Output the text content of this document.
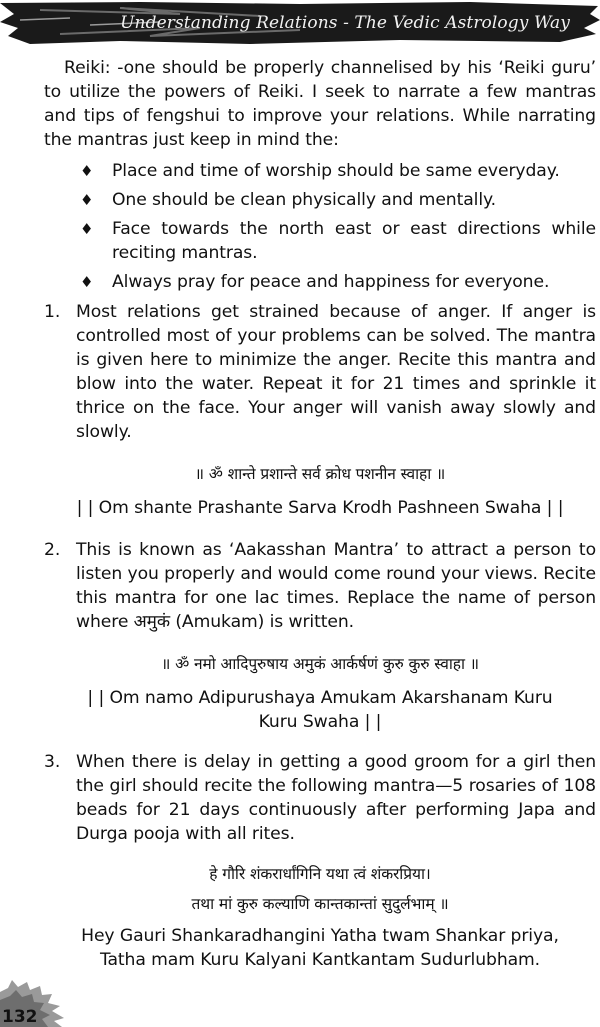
Understanding Relations - The Vedic Astrology Way

Reiki: -one should be properly channelised by his ‘Reiki guru’ to utilize the powers of Reiki. I seek to narrate a few mantras and tips of fengshui to improve your relations. While narrating the mantras just keep in mind the:

♦ Place and time of worship should be same everyday.
♦ One should be clean physically and mentally.
♦ Face towards the north east or east directions while reciting mantras.
♦ Always pray for peace and happiness for everyone.
1. Most relations get strained because of anger. If anger is controlled most of your problems can be solved. The mantra is given here to minimize the anger. Recite this mantra and blow into the water. Repeat it for 21 times and sprinkle it thrice on the face. Your anger will vanish away slowly and slowly.

॥ ॐ शान्ते प्रशान्ते सर्व क्रोध पशनीन स्वाहा ॥

| | Om shante Prashante Sarva Krodh Pashneen Swaha | |

2. This is known as ‘Aakasshan Mantra’ to attract a person to listen you properly and would come round your views. Recite this mantra for one lac times. Replace the name of person where अमुकं (Amukam) is written.

॥ ॐ नमो आदिपुरुषाय अमुकं आर्कर्षणं कुरु कुरु स्वाहा ॥

| | Om namo Adipurushaya Amukam Akarshanam Kuru

Kuru Swaha | |

3. When there is delay in getting a good groom for a girl then the girl should recite the following mantra—5 rosaries of 108 beads for 21 days continuously after performing Japa and Durga pooja with all rites.

हे गौरि शंकरार्धांगिनि यथा त्वं शंकरप्रिया।

तथा मां कुरु कल्याणि कान्तकान्तां सुदुर्लभाम् ॥

Hey Gauri Shankaradhangini Yatha twam Shankar priya,

Tatha mam Kuru Kalyani Kantkantam Sudurlubham.

132
